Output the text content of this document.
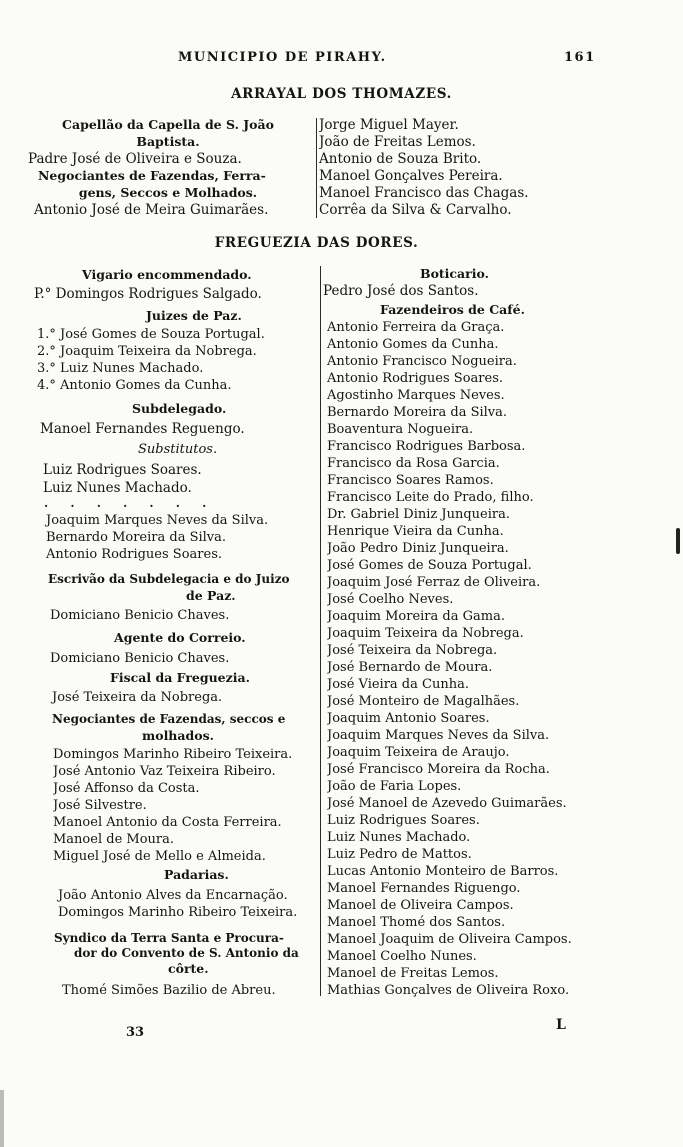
MUNICIPIO DE PIRAHY.	161
ARRAYAL DOS THOMAZES.
Capellão da Capella de S. João
Baptista.
Padre José de Oliveira e Souza.
Negociantes de Fazendas, Ferra-
gens, Seccos e Molhados.
Antonio José de Meira Guimarães.
Jorge Miguel Mayer.
João de Freitas Lemos.
Antonio de Souza Brito.
Manoel Gonçalves Pereira.
Manoel Francisco das Chagas.
Corrêa da Silva & Carvalho.
FREGUEZIA DAS DORES.
Vigario encommendado.
P.° Domingos Rodrigues Salgado.
Juizes de Paz.
1.° José Gomes de Souza Portugal.
2.° Joaquim Teixeira da Nobrega.
3.° Luiz Nunes Machado.
4.° Antonio Gomes da Cunha.
Subdelegado.
Manoel Fernandes Reguengo.
Substitutos.
Luiz Rodrigues Soares.
Luiz Nunes Machado.
. . . . . . .
Joaquim Marques Neves da Silva.
Bernardo Moreira da Silva.
Antonio Rodrigues Soares.
Escrivão da Subdelegacia e do Juizo
de Paz.
Domiciano Benicio Chaves.
Agente do Correio.
Domiciano Benicio Chaves.
Fiscal da Freguezia.
José Teixeira da Nobrega.
Negociantes de Fazendas, seccos e
molhados.
Domingos Marinho Ribeiro Teixeira.
José Antonio Vaz Teixeira Ribeiro.
José Affonso da Costa.
José Silvestre.
Manoel Antonio da Costa Ferreira.
Manoel de Moura.
Miguel José de Mello e Almeida.
Padarias.
João Antonio Alves da Encarnação.
Domingos Marinho Ribeiro Teixeira.
Syndico da Terra Santa e Procura-
dor do Convento de S. Antonio da
côrte.
Thomé Simões Bazilio de Abreu.
Boticario.
Pedro José dos Santos.
Fazendeiros de Café.
Antonio Ferreira da Graça.
Antonio Gomes da Cunha.
Antonio Francisco Nogueira.
Antonio Rodrigues Soares.
Agostinho Marques Neves.
Bernardo Moreira da Silva.
Boaventura Nogueira.
Francisco Rodrigues Barbosa.
Francisco da Rosa Garcia.
Francisco Soares Ramos.
Francisco Leite do Prado, filho.
Dr. Gabriel Diniz Junqueira.
Henrique Vieira da Cunha.
João Pedro Diniz Junqueira.
José Gomes de Souza Portugal.
Joaquim José Ferraz de Oliveira.
José Coelho Neves.
Joaquim Moreira da Gama.
Joaquim Teixeira da Nobrega.
José Teixeira da Nobrega.
José Bernardo de Moura.
José Vieira da Cunha.
José Monteiro de Magalhães.
Joaquim Antonio Soares.
Joaquim Marques Neves da Silva.
Joaquim Teixeira de Araujo.
José Francisco Moreira da Rocha.
João de Faria Lopes.
José Manoel de Azevedo Guimarães.
Luiz Rodrigues Soares.
Luiz Nunes Machado.
Luiz Pedro de Mattos.
Lucas Antonio Monteiro de Barros.
Manoel Fernandes Riguengo.
Manoel de Oliveira Campos.
Manoel Thomé dos Santos.
Manoel Joaquim de Oliveira Campos.
Manoel Coelho Nunes.
Manoel de Freitas Lemos.
Mathias Gonçalves de Oliveira Roxo.
33	L
